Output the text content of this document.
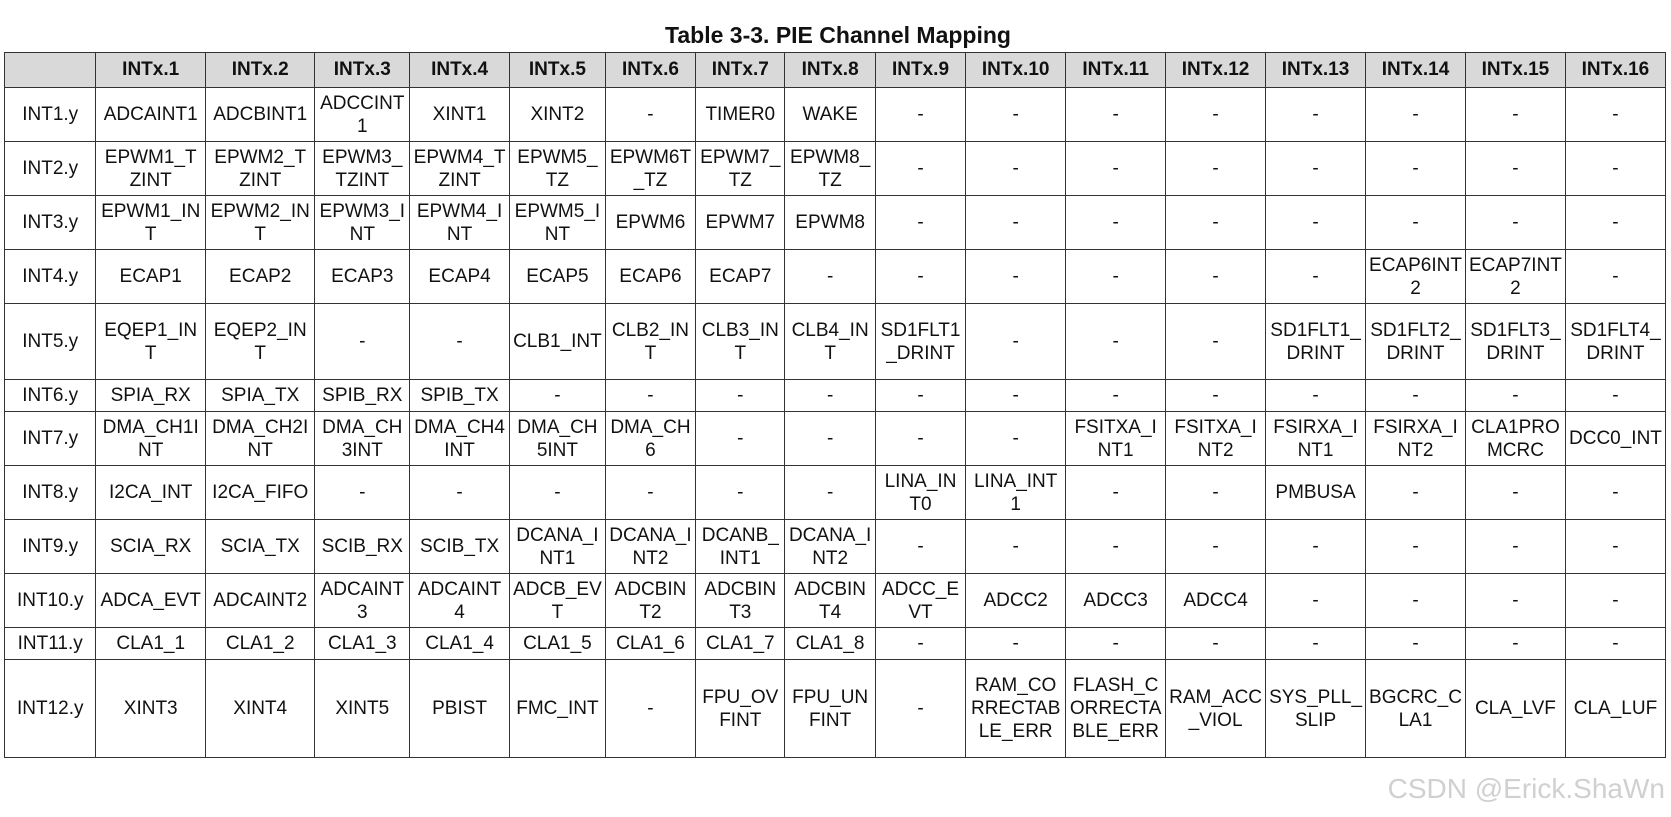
Table 3-3. PIE Channel Mapping
	INTx.1	INTx.2	INTx.3	INTx.4	INTx.5	INTx.6	INTx.7	INTx.8	INTx.9	INTx.10	INTx.11	INTx.12	INTx.13	INTx.14	INTx.15	INTx.16
INT1.y	ADCAINT1	ADCBINT1	ADCCINT1	XINT1	XINT2	-	TIMER0	WAKE	-	-	-	-	-	-	-	-
INT2.y	EPWM1_TZINT	EPWM2_TZINT	EPWM3_TZINT	EPWM4_TZINT	EPWM5_TZ	EPWM6T_TZ	EPWM7_TZ	EPWM8_TZ	-	-	-	-	-	-	-	-
INT3.y	EPWM1_INT	EPWM2_INT	EPWM3_INT	EPWM4_INT	EPWM5_INT	EPWM6	EPWM7	EPWM8	-	-	-	-	-	-	-	-
INT4.y	ECAP1	ECAP2	ECAP3	ECAP4	ECAP5	ECAP6	ECAP7	-	-	-	-	-	-	ECAP6INT2	ECAP7INT2	-
INT5.y	EQEP1_INT	EQEP2_INT	-	-	CLB1_INT	CLB2_INT	CLB3_INT	CLB4_INT	SD1FLT1_DRINT	-	-	-	SD1FLT1_DRINT	SD1FLT2_DRINT	SD1FLT3_DRINT	SD1FLT4_DRINT
INT6.y	SPIA_RX	SPIA_TX	SPIB_RX	SPIB_TX	-	-	-	-	-	-	-	-	-	-	-	-
INT7.y	DMA_CH1INT	DMA_CH2INT	DMA_CH3INT	DMA_CH4INT	DMA_CH5INT	DMA_CH6	-	-	-	-	FSITXA_INT1	FSITXA_INT2	FSIRXA_INT1	FSIRXA_INT2	CLA1PROMCRC	DCC0_INT
INT8.y	I2CA_INT	I2CA_FIFO	-	-	-	-	-	-	LINA_INT0	LINA_INT1	-	-	PMBUSA	-	-	-
INT9.y	SCIA_RX	SCIA_TX	SCIB_RX	SCIB_TX	DCANA_INT1	DCANA_INT2	DCANB_INT1	DCANA_INT2	-	-	-	-	-	-	-	-
INT10.y	ADCA_EVT	ADCAINT2	ADCAINT3	ADCAINT4	ADCB_EVT	ADCBINT2	ADCBINT3	ADCBINT4	ADCC_EVT	ADCC2	ADCC3	ADCC4	-	-	-	-
INT11.y	CLA1_1	CLA1_2	CLA1_3	CLA1_4	CLA1_5	CLA1_6	CLA1_7	CLA1_8	-	-	-	-	-	-	-	-
INT12.y	XINT3	XINT4	XINT5	PBIST	FMC_INT	-	FPU_OVFINT	FPU_UNFINT	-	RAM_CORRECTABLE_ERR	FLASH_CORRECTABLE_ERR	RAM_ACC_VIOL	SYS_PLL_SLIP	BGCRC_CLA1	CLA_LVF	CLA_LUF
CSDN @Erick.ShaWn
